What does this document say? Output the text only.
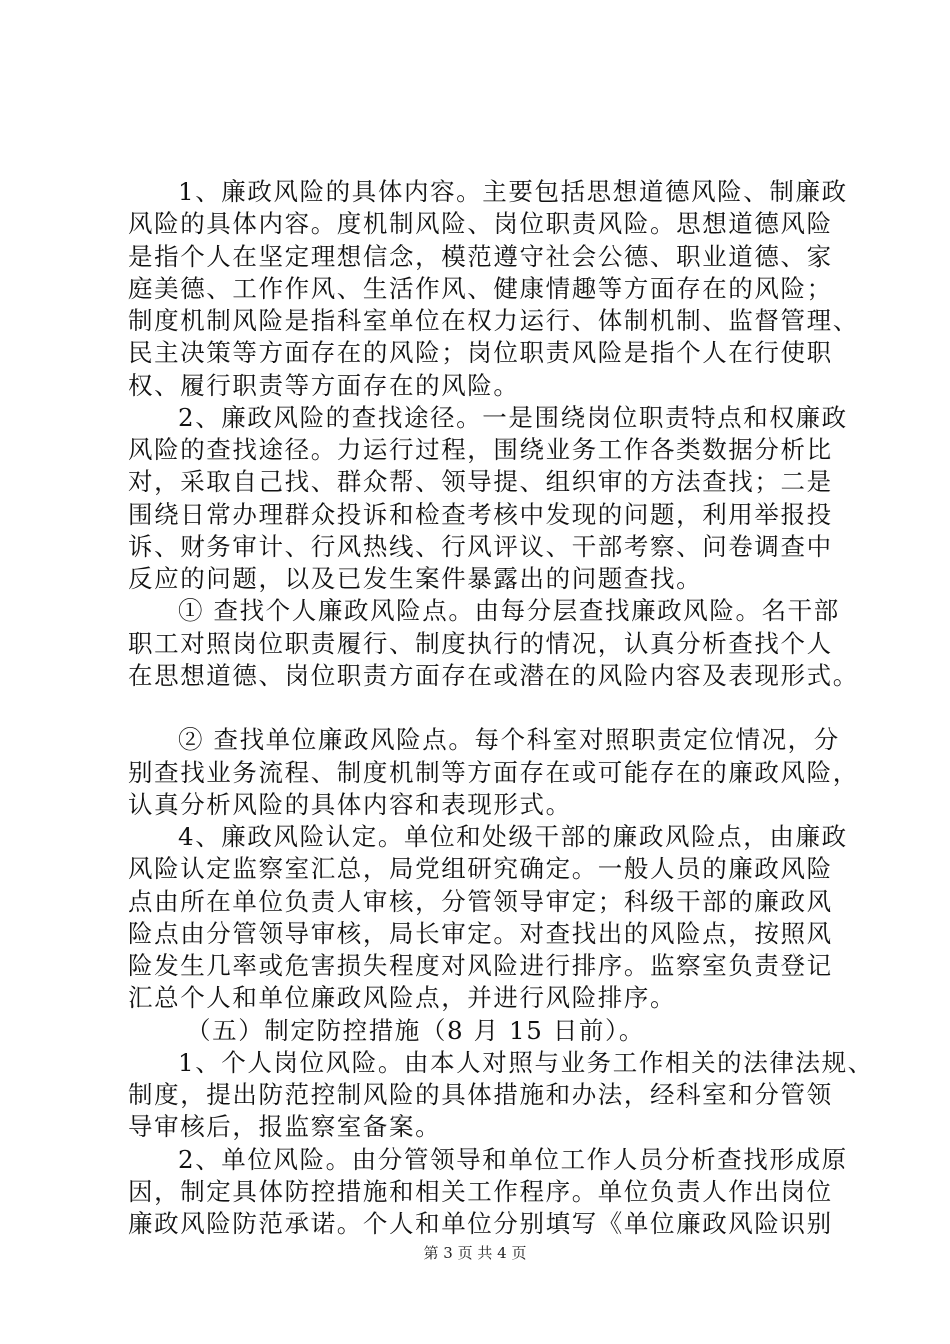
1、廉政风险的具体内容。主要包括思想道德风险、制廉政
风险的具体内容。度机制风险、岗位职责风险。思想道德风险
是指个人在坚定理想信念，模范遵守社会公德、职业道德、家
庭美德、工作作风、生活作风、健康情趣等方面存在的风险；
制度机制风险是指科室单位在权力运行、体制机制、监督管理、
民主决策等方面存在的风险；岗位职责风险是指个人在行使职
权、履行职责等方面存在的风险。
2、廉政风险的查找途径。一是围绕岗位职责特点和权廉政
风险的查找途径。力运行过程，围绕业务工作各类数据分析比
对，采取自己找、群众帮、领导提、组织审的方法查找；二是
围绕日常办理群众投诉和检查考核中发现的问题，利用举报投
诉、财务审计、行风热线、行风评议、干部考察、问卷调查中
反应的问题，以及已发生案件暴露出的问题查找。
① 查找个人廉政风险点。由每分层查找廉政风险。名干部
职工对照岗位职责履行、制度执行的情况，认真分析查找个人
在思想道德、岗位职责方面存在或潜在的风险内容及表现形式。
② 查找单位廉政风险点。每个科室对照职责定位情况，分
别查找业务流程、制度机制等方面存在或可能存在的廉政风险，
认真分析风险的具体内容和表现形式。
4、廉政风险认定。单位和处级干部的廉政风险点，由廉政
风险认定监察室汇总，局党组研究确定。一般人员的廉政风险
点由所在单位负责人审核，分管领导审定；科级干部的廉政风
险点由分管领导审核，局长审定。对查找出的风险点，按照风
险发生几率或危害损失程度对风险进行排序。监察室负责登记
汇总个人和单位廉政风险点，并进行风险排序。
（五）制定防控措施（8 月 15 日前）。
1、个人岗位风险。由本人对照与业务工作相关的法律法规、
制度，提出防范控制风险的具体措施和办法，经科室和分管领
导审核后，报监察室备案。
2、单位风险。由分管领导和单位工作人员分析查找形成原
因，制定具体防控措施和相关工作程序。单位负责人作出岗位
廉政风险防范承诺。个人和单位分别填写《单位廉政风险识别
第 3 页 共 4 页
